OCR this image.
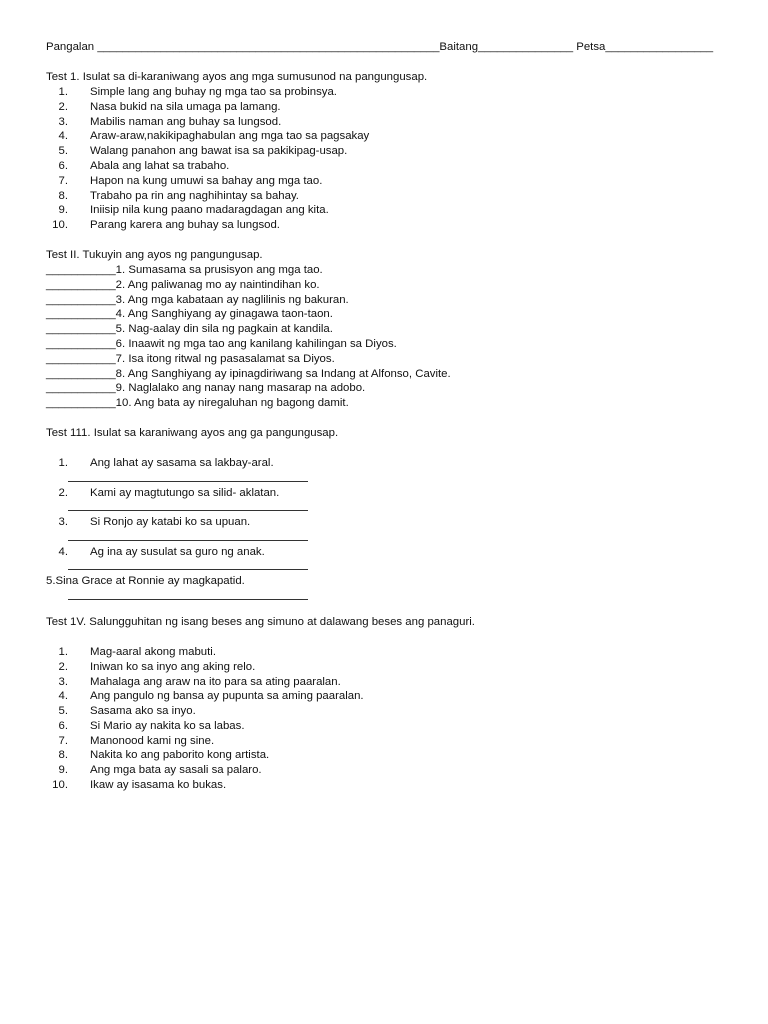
Pangalan ______________________________________________________Baitang_______________ Petsa_________________
Test 1. Isulat sa di-karaniwang ayos ang mga sumusunod na pangungusap.
1. Simple lang ang buhay ng mga tao sa probinsya.
2. Nasa bukid na sila umaga pa lamang.
3. Mabilis naman ang buhay sa lungsod.
4. Araw-araw,nakikipaghabulan ang mga tao sa pagsakay
5. Walang panahon ang bawat isa sa pakikipag-usap.
6. Abala ang lahat sa trabaho.
7. Hapon na kung umuwi sa bahay ang mga tao.
8. Trabaho pa rin ang naghihintay sa bahay.
9. Iniisip nila kung paano madaragdagan ang kita.
10. Parang karera ang buhay sa lungsod.
Test II. Tukuyin ang ayos ng pangungusap.
___________1. Sumasama sa prusisyon ang mga tao.
___________2. Ang paliwanag mo ay naintindihan ko.
___________3. Ang mga kabataan ay naglilinis ng bakuran.
___________4. Ang Sanghiyang ay ginagawa taon-taon.
___________5. Nag-aalay din sila ng pagkain at kandila.
___________6. Inaawit ng mga tao ang kanilang kahilingan sa Diyos.
___________7. Isa itong ritwal ng pasasalamat sa Diyos.
___________8. Ang Sanghiyang ay ipinagdiriwang sa Indang at Alfonso, Cavite.
___________9. Naglalako ang nanay nang masarap na adobo.
___________10. Ang bata ay niregaluhan ng bagong damit.
Test 111. Isulat sa karaniwang ayos ang ga pangungusap.
1. Ang lahat ay sasama sa lakbay-aral.
2. Kami ay magtutungo sa silid- aklatan.
3. Si Ronjo ay katabi ko sa upuan.
4. Ag ina ay susulat sa guro ng anak.
5.Sina Grace at Ronnie ay magkapatid.
Test 1V. Salungguhitan ng isang beses ang simuno at dalawang beses ang panaguri.
1. Mag-aaral akong mabuti.
2. Iniwan ko sa inyo ang aking relo.
3. Mahalaga ang araw na ito para sa ating paaralan.
4. Ang pangulo ng bansa ay pupunta sa aming paaralan.
5. Sasama ako sa inyo.
6. Si Mario ay nakita ko sa labas.
7. Manonood kami ng sine.
8. Nakita ko ang paborito kong artista.
9. Ang mga bata ay sasali sa palaro.
10. Ikaw ay isasama ko bukas.
